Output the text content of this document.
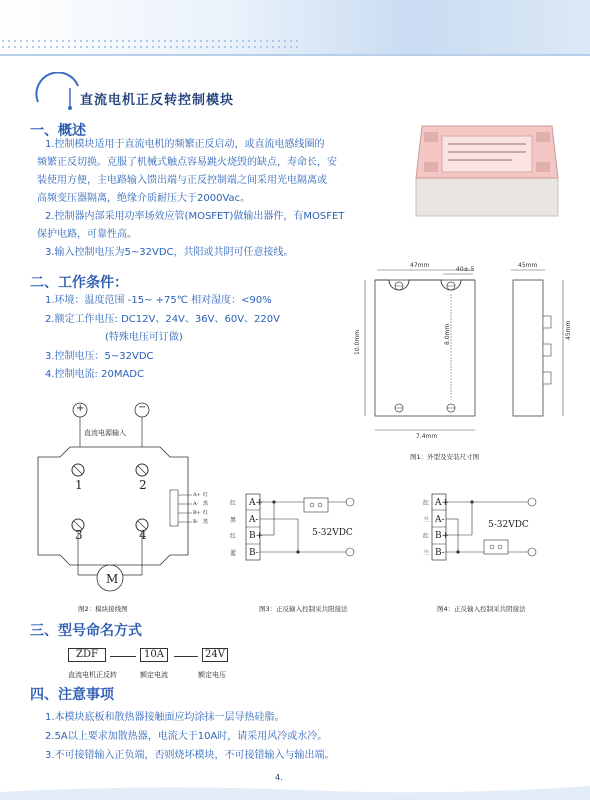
直流电机正反转控制模块
一、概述
1.控制模块适用于直流电机的频繁正反启动，或直流电感线圈的
频繁正反切换。克服了机械式触点容易跳火烧毁的缺点，寿命长，安
装使用方便，主电路输入馈出端与正反控制端之间采用光电隔离或
高频变压器隔离，绝缘介质耐压大于2000Vac。
2.控制器内部采用功率场效应管(MOSFET)做输出器件，有MOSFET
保护电路，可靠性高。
3.输入控制电压为5~32VDC，共阳或共阴可任意接线。
二、工作条件：
1.环境：温度范围 -15~ +75℃ 相对湿度：<90%
2.额定工作电压: DC12V、24V、36V、60V、220V
(特殊电压可订做)
3.控制电压：5~32VDC
4.控制电流: 20MADC
47mm
40±.5
45mm
10.0mm	8.0mm
7.4mm
45mm
图1：外型及安装尺寸图
+	−
直流电源输入
1	2
3	4
M
A+
A-
B+
B-
红
黑
红
黑
图2：模块接线图
红
黑
红
蓝
A+
A-
B+
B-
5-32VDC
图3：正反输入控制采共阳接法
红
兰
红
兰
A+
A-
B+
B-
5-32VDC
图4：正反输入控制采共阴接法
三、型号命名方式
ZDF	10A	24V
直流电机正反转	额定电流	额定电压
四、注意事项
1.本模块底板和散热器接触面应均涂抹一层导热硅脂。
2.5A以上要求加散热器，电流大于10A时，请采用风冷或水冷。
3.不可接错输入正负端，否则烧坏模块，不可接错输入与输出端。
4.
